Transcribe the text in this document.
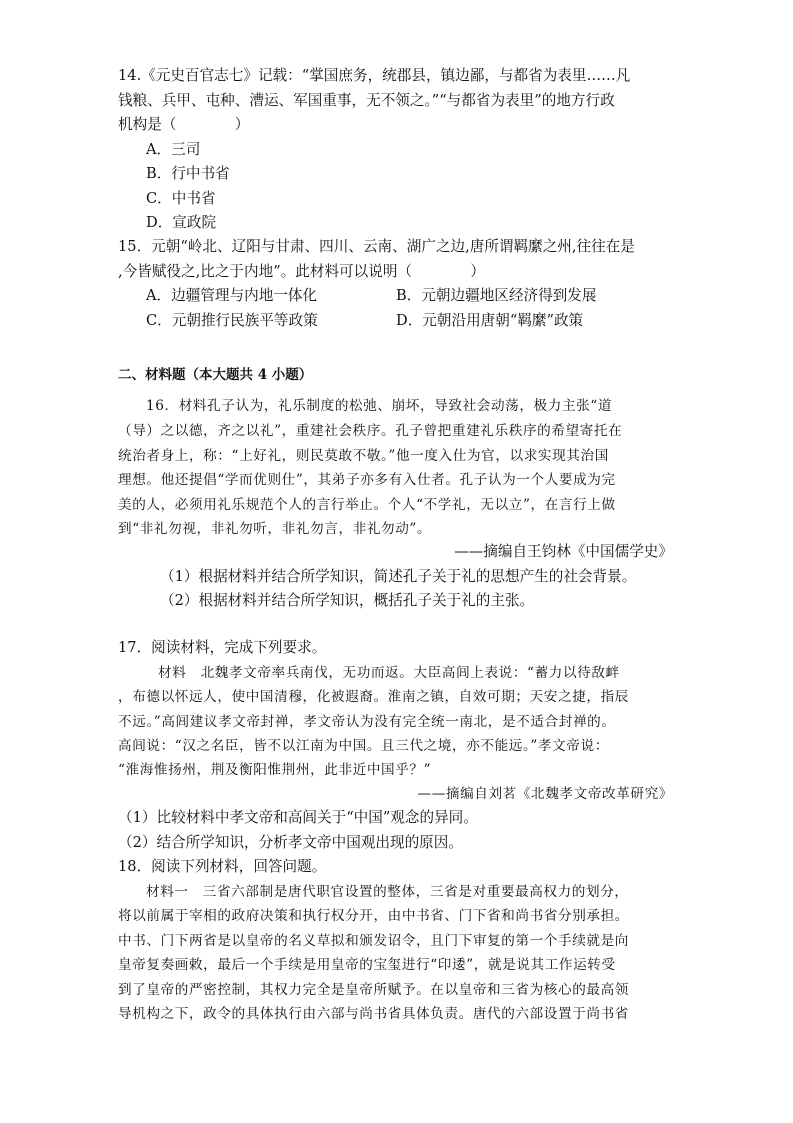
14.《元史百官志七》记载：“掌国庶务，统郡县，镇边鄙，与都省为表里……凡
钱粮、兵甲、屯种、漕运、军国重事，无不领之。”“与都省为表里”的地方行政
机构是（　　　　）
A．三司
B．行中书省
C．中书省
D．宣政院
15．元朝“岭北、辽阳与甘肃、四川、云南、湖广之边,唐所谓羁縻之州,往往在是
,今皆赋役之,比之于内地”。此材料可以说明（　　　　）
A．边疆管理与内地一体化	B．元朝边疆地区经济得到发展
C．元朝推行民族平等政策	D．元朝沿用唐朝“羁縻”政策
二、材料题（本大题共 4 小题）
16．材料孔子认为，礼乐制度的松弛、崩坏，导致社会动荡，极力主张“道
（导）之以德，齐之以礼”，重建社会秩序。孔子曾把重建礼乐秩序的希望寄托在
统治者身上，称：“上好礼，则民莫敢不敬。”他一度入仕为官，以求实现其治国
理想。他还提倡“学而优则仕”，其弟子亦多有入仕者。孔子认为一个人要成为完
美的人，必须用礼乐规范个人的言行举止。个人“不学礼，无以立”，在言行上做
到“非礼勿视，非礼勿听，非礼勿言，非礼勿动”。
——摘编自王钧林《中国儒学史》
（1）根据材料并结合所学知识，简述孔子关于礼的思想产生的社会背景。
（2）根据材料并结合所学知识，概括孔子关于礼的主张。
17．阅读材料，完成下列要求。
材料　北魏孝文帝率兵南伐，无功而返。大臣高闾上表说：“蓄力以待敌衅
，布德以怀远人，使中国清穆，化被遐裔。淮南之镇，自效可期；天安之捷，指辰
不远。”高闾建议孝文帝封禅，孝文帝认为没有完全统一南北，是不适合封禅的。
高闾说：“汉之名臣，皆不以江南为中国。且三代之境，亦不能远。”孝文帝说：
“淮海惟扬州，荆及衡阳惟荆州，此非近中国乎？”
——摘编自刘茗《北魏孝文帝改革研究》
（1）比较材料中孝文帝和高闾关于“中国”观念的异同。
（2）结合所学知识，分析孝文帝中国观出现的原因。
18．阅读下列材料，回答问题。
材料一　三省六部制是唐代职官设置的整体，三省是对重要最高权力的划分，
将以前属于宰相的政府决策和执行权分开，由中书省、门下省和尚书省分别承担。
中书、门下两省是以皇帝的名义草拟和颁发诏令，且门下审复的第一个手续就是向
皇帝复奏画敕，最后一个手续是用皇帝的宝玺进行“印逶”，就是说其工作运转受
到了皇帝的严密控制，其权力完全是皇帝所赋予。在以皇帝和三省为核心的最高领
导机构之下，政令的具体执行由六部与尚书省具体负责。唐代的六部设置于尚书省
